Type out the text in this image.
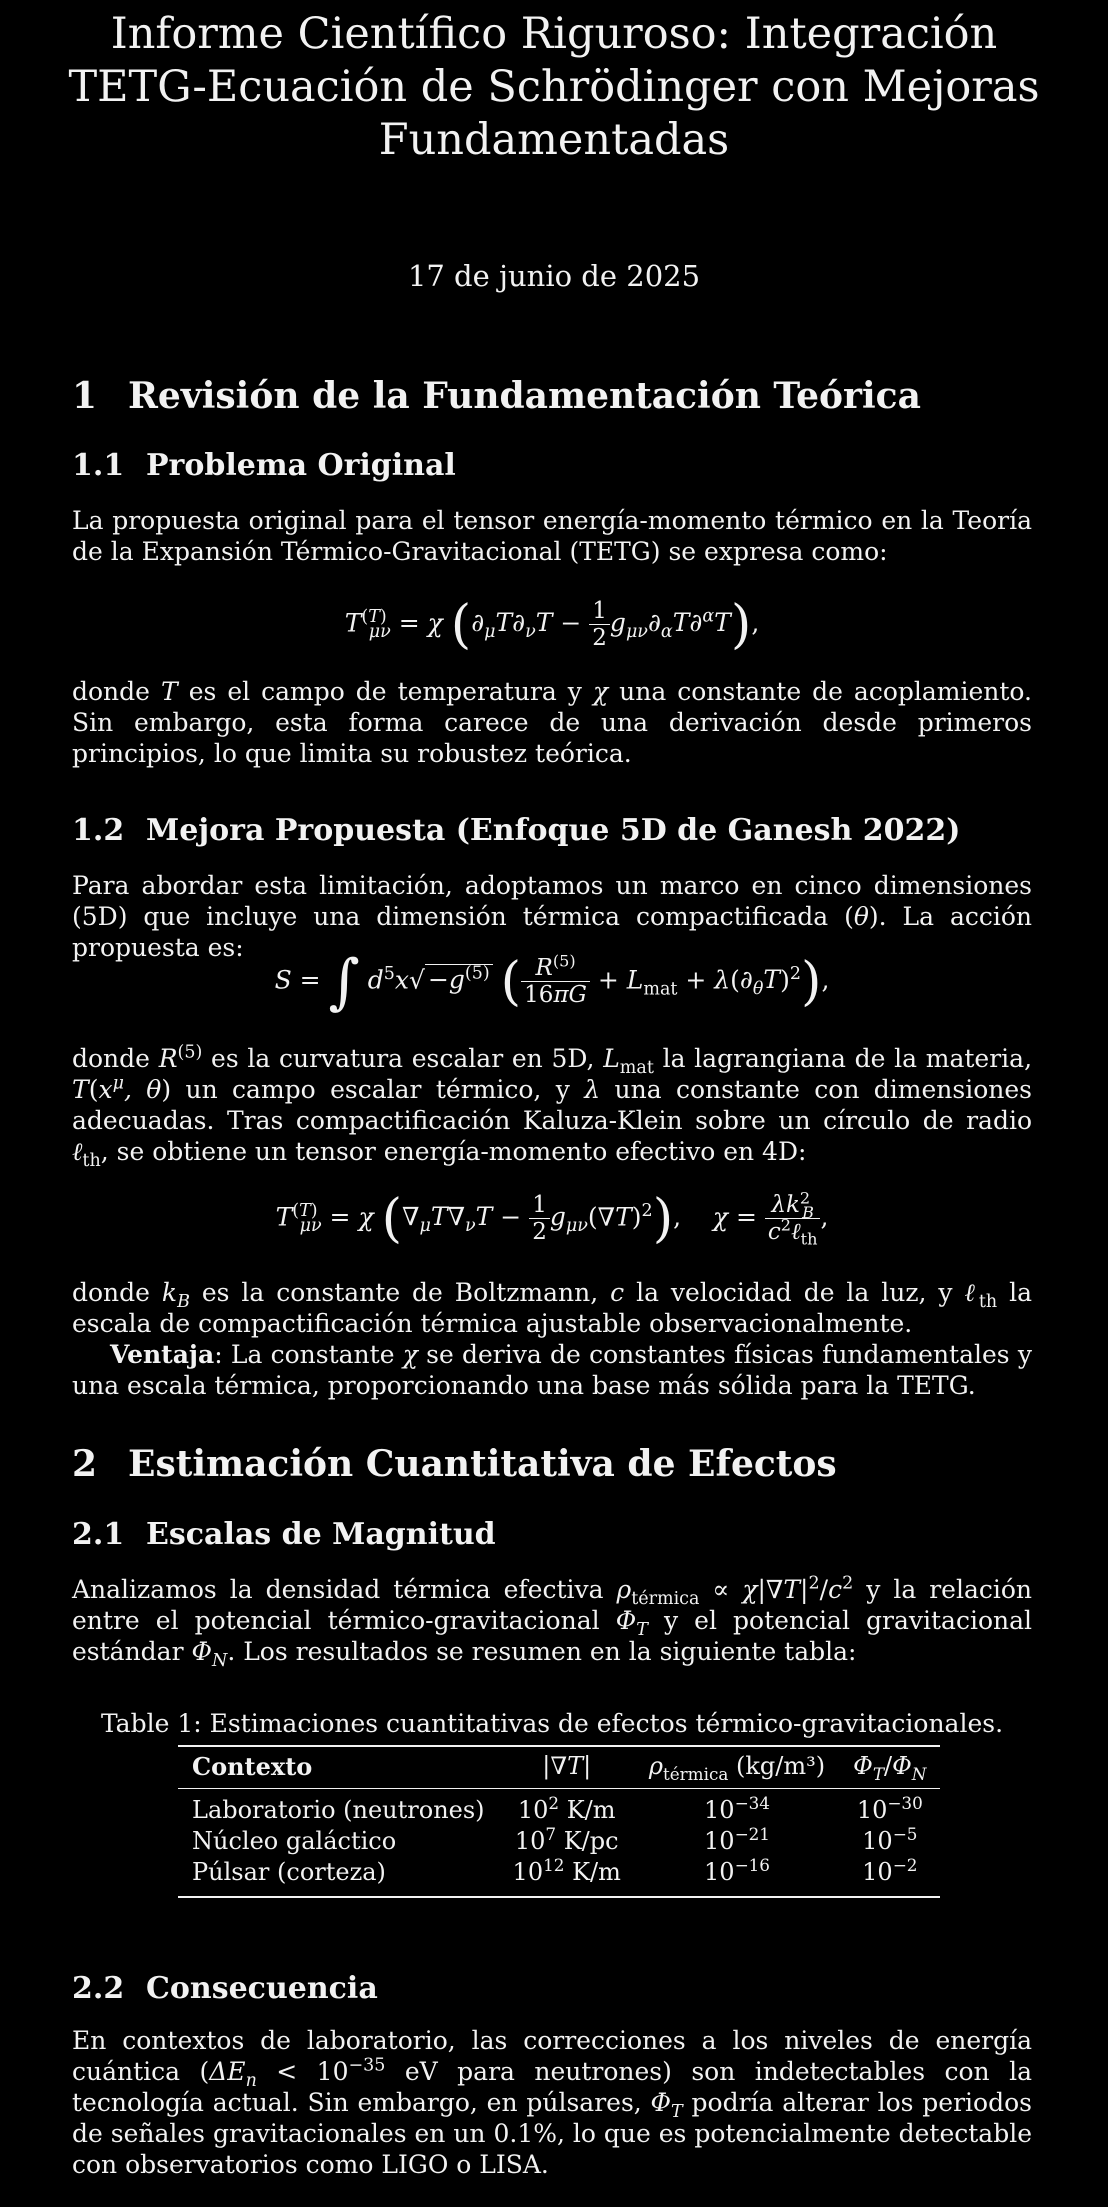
Informe Científico Riguroso: Integración TETG-Ecuación de Schrödinger con Mejoras Fundamentadas
17 de junio de 2025
1 Revisión de la Fundamentación Teórica
1.1 Problema Original

La propuesta original para el tensor energía-momento térmico en la Teoría de la Expansión Térmico-Gravitacional (TETG) se expresa como:

$T^{(T)}_{\mu\nu} = \chi$ $(\partial_\mu T\partial_\nu T - \frac{1}{2} g_{\mu\nu}\partial_\alpha T\partial^\alpha T)$,

donde T es el campo de temperatura y χ una constante de acoplamiento. Sin embargo, esta forma carece de una derivación desde primeros principios, lo que limita su robustez teórica.

1.2 Mejora Propuesta (Enfoque 5D de Ganesh 2022)

Para abordar esta limitación, adoptamos un marco en cinco dimensiones (5D) que incluye una dimensión térmica compactificada (θ). La acción propuesta es:

S = ∫ $d^5x√ -g^{(5)}$ ( $\frac{R^{(5)}}{16\pi G} + L_{mat} + \lambda(\partial_\theta T)^2$),

donde $R^{(5)}$ es la curvatura escalar en 5D, $L_{mat}$ la lagrangiana de la materia, $T(x^\mu$, θ) un campo escalar térmico, y λ una constante con dimensiones adecuadas. Tras compactificación Kaluza-Klein sobre un círculo de radio ℓ$_{th}$, se obtiene un tensor energía-momento efectivo en 4D:

$T^{(T)}_{\mu\nu} = \chi$ $(\nabla_\mu T\nabla_\nu T - \frac{1}{2} g_{\mu\nu}(\nabla T)^2)$,    $\chi = \frac{\lambda k^2_B}{c^2\ell_{th}}$ ,

donde $k_B$ es la constante de Boltzmann, c la velocidad de la luz, y ℓ$_{th}$ la escala de compactificación térmica ajustable observacionalmente.

Ventaja: La constante χ se deriva de constantes físicas fundamentales y una escala térmica, proporcionando una base más sólida para la TETG.

2 Estimación Cuantitativa de Efectos
2.1 Escalas de Magnitud

Analizamos la densidad térmica efectiva $\rho_{térmica} \propto \chi|\nabla T|^2/c^2$ y la relación entre el potencial térmico-gravitacional $\Phi_T$ y el potencial gravitacional estándar $\Phi_N$. Los resultados se resumen en la siguiente tabla:

Table 1: Estimaciones cuantitativas de efectos térmico-gravitacionales.
Contexto	|∇T|	$\rho_{térmica}$ (kg/m³)	$\Phi_T/\Phi_N$
Laboratorio (neutrones)	$10^2$ K/m	$10^{-34}$	$10^{-30}$
Núcleo galáctico	$10^7$ K/pc	$10^{-21}$	$10^{-5}$
Púlsar (corteza)	$10^{12}$ K/m	$10^{-16}$	$10^{-2}$
2.2 Consecuencia

En contextos de laboratorio, las correcciones a los niveles de energía cuántica ($\Delta E_n < 10^{-35}$ eV para neutrones) son indetectables con la tecnología actual. Sin embargo, en púlsares, $\Phi_T$ podría alterar los periodos de señales gravitacionales en un 0.1%, lo que es potencialmente detectable con observatorios como LIGO o LISA.
